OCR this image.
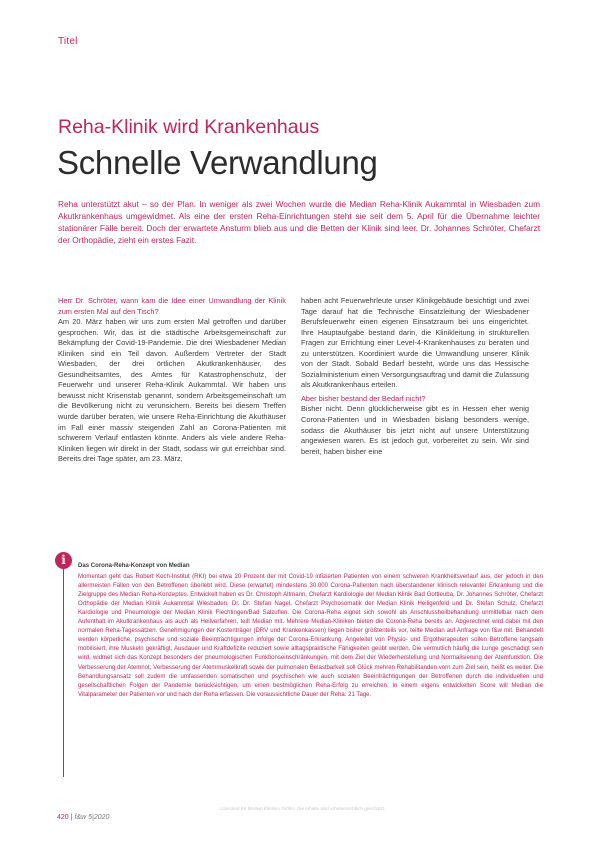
Titel
Reha-Klinik wird Krankenhaus
Schnelle Verwandlung
Reha unterstützt akut – so der Plan. In weniger als zwei Wochen wurde die Median Reha-Klinik Aukammtal in Wiesbaden zum Akutkrankenhaus umgewidmet. Als eine der ersten Reha-Einrichtungen steht sie seit dem 5. April für die Übernahme leichter stationärer Fälle bereit. Doch der erwartete Ansturm blieb aus und die Betten der Klinik sind leer. Dr. Johannes Schröter, Chefarzt der Orthopädie, zieht ein erstes Fazit.

Herr Dr. Schröter, wann kam die Idee einer Umwandlung der Klinik zum ersten Mal auf den Tisch?

Am 20. März haben wir uns zum ersten Mal getroffen und darüber gesprochen. Wir, das ist die städtische Arbeitsgemeinschaft zur Bekämpfung der Covid-19-Pandemie. Die drei Wiesbadener Median Kliniken sind ein Teil davon. Außerdem Vertreter der Stadt Wiesbaden, der drei örtlichen Akutkrankenhäuser, des Gesundheitsamtes, des Amtes für Katastrophenschutz, der Feuerwehr und unserer Reha-Klinik Aukammtal. Wir haben uns bewusst nicht Krisenstab genannt, sondern Arbeitsgemeinschaft um die Bevölkerung nicht zu verunsichern. Bereits bei diesem Treffen wurde darüber beraten, wie unsere Reha-Einrichtung die Akuthäuser im Fall einer massiv steigenden Zahl an Corona-Patienten mit schwerem Verlauf entlasten könnte. Anders als viele andere Reha-Kliniken liegen wir direkt in der Stadt, sodass wir gut erreichbar sind. Bereits drei Tage später, am 23. März,

haben acht Feuerwehrleute unser Klinikgebäude besichtigt und zwei Tage darauf hat die Technische Einsatzleitung der Wiesbadener Berufsfeuerwehr einen eigenen Einsatzraum bei uns eingerichtet. Ihre Hauptaufgabe bestand darin, die Klinikleitung in strukturellen Fragen zur Errichtung einer Level-4-Krankenhauses zu beraten und zu unterstützen. Koordiniert wurde die Umwandlung unserer Klinik von der Stadt. Sobald Bedarf besteht, würde uns das Hessische Sozialministerium einen Versorgungsauftrag und damit die Zulassung als Akutkrankenhaus erteilen.

Aber bisher bestand der Bedarf nicht?

Bisher nicht. Denn glücklicherweise gibt es in Hessen eher wenig Corona-Patienten und in Wiesbaden bislang besonders wenige, sodass die Akuthäuser bis jetzt nicht auf unsere Unterstützung angewiesen waren. Es ist jedoch gut, vorbereitet zu sein. Wir sind bereit, haben bisher eine

i	Das Corona-Reha-Konzept von Median

Momentan geht das Robert Koch-Institut (RKI) bei etwa 20 Prozent der mit Covid-19 infizierten Patienten von einem schweren Krankheitsverlauf aus, der jedoch in den allermeisten Fällen von den Betroffenen überlebt wird. Diese (erwartet) mindestens 30.000 Corona-Patienten nach überstandener klinisch relevanter Erkrankung und die Zielgruppe des Median Reha-Konzeptes. Entwickelt haben es Dr. Christoph Altmann, Chefarzt Kardiologie der Median Klinik Bad Gottleuba, Dr. Johannes Schröter, Chefarzt Orthopädie der Median Klinik Aukammtal Wiesbaden, Dr. Dr. Stefan Nagel, Chefarzt Psychosomatik der Median Klinik Heiligenfeld und Dr. Stefan Schulz, Chefarzt Kardiologie und Pneumologie der Median Klinik Flechtingen/Bad Salzuflen. Die Corona-Reha eignet sich sowohl als Anschlussheilbehandlung unmittelbar nach dem Aufenthalt im Akutkrankenhaus als auch als Heilverfahren, teilt Median mit. Mehrere Median-Kliniken bieten die Corona-Reha bereits an. Abgerechnet wird dabei mit den normalen Reha-Tagessätzen. Genehmigungen der Kostenträger (DRV und Krankenkassen) liegen bisher größtenteils vor, teilte Median auf Anfrage von f&w mit. Behandelt werden körperliche, psychische und soziale Beeinträchtigungen infolge der Corona-Erkrankung. Angeleitet von Physio- und Ergotherapeuten sollen Betroffene langsam mobilisiert, ihre Muskeln gekräftigt, Ausdauer und Kraftdefizite reduziert sowie alltagspraktische Fähigkeiten geübt werden. Die vermutlich häufig die Lunge geschädigt sein wird, widmet sich das Konzept besonders der pneumologischen Funktionseinschränkungen, mit dem Ziel der Wiederherstellung und Normalisierung der Atemfunktion. Die Verbesserung der Atemnot, Verbesserung der Atemmuskelkraft sowie der pulmonalen Belastbarkeit soll Glück mehren Rehabilitanden vorn zum Ziel sein, heißt es weiter. Die Behandlungsansatz soll zudem die umfassenden somatischen und psychischen wie auch sozialen Beeinträchtigungen der Betroffenen durch die individuellen und gesellschaftlichen Folgen der Pandemie berücksichtigen, um einen bestmöglichen Reha-Erfolg zu erreichen. In einem eigens entwickelten Score will Median die Vitalparameter der Patienten vor und nach der Reha erfassen. Die voraussichtliche Dauer der Reha: 21 Tage.

Lizenziert für Median Kliniken GmbH. Die Inhalte sind urheberrechtlich geschützt.
420 | f&w 5|2020
